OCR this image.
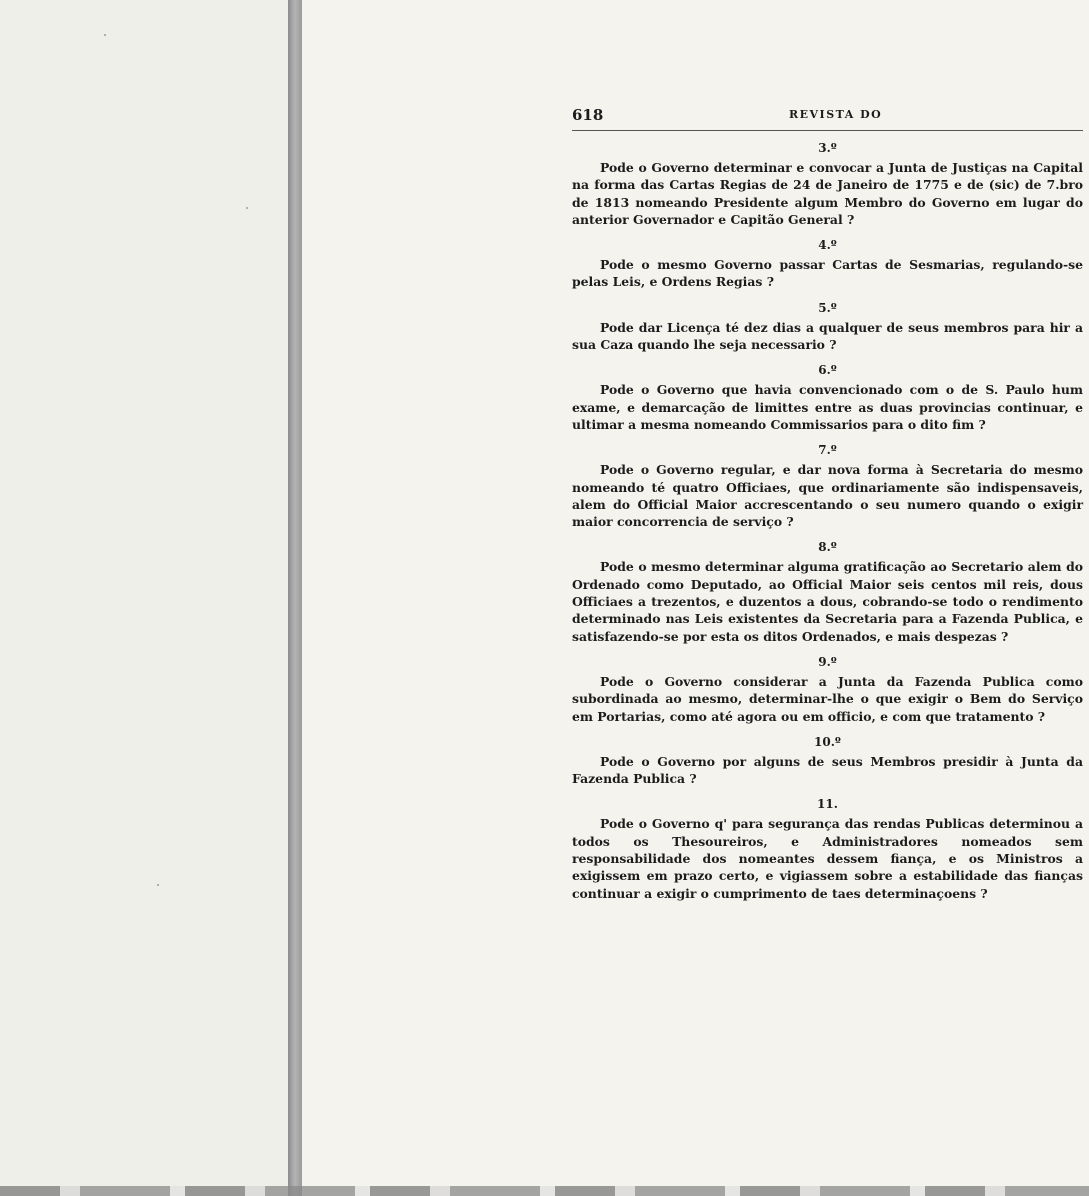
618	REVISTA DO
3.º

Pode o Governo determinar e convocar a Junta de Justiças na Capital na forma das Cartas Regias de 24 de Janeiro de 1775 e de (sic) de 7.bro de 1813 nomeando Presidente algum Membro do Governo em lugar do anterior Governador e Capitão General ?

4.º

Pode o mesmo Governo passar Cartas de Sesmarias, regulando-se pelas Leis, e Ordens Regias ?

5.º

Pode dar Licença té dez dias a qualquer de seus membros para hir a sua Caza quando lhe seja necessario ?

6.º

Pode o Governo que havia convencionado com o de S. Paulo hum exame, e demarcação de limittes entre as duas provincias continuar, e ultimar a mesma nomeando Commissarios para o dito fim ?

7.º

Pode o Governo regular, e dar nova forma à Secretaria do mesmo nomeando té quatro Officiaes, que ordinariamente são indispensaveis, alem do Official Maior accrescentando o seu numero quando o exigir maior concorrencia de serviço ?

8.º

Pode o mesmo determinar alguma gratificação ao Secretario alem do Ordenado como Deputado, ao Official Maior seis centos mil reis, dous Officiaes a trezentos, e duzentos a dous, cobrando-se todo o rendimento determinado nas Leis existentes da Secretaria para a Fazenda Publica, e satisfazendo-se por esta os ditos Ordenados, e mais despezas ?

9.º

Pode o Governo considerar a Junta da Fazenda Publica como subordinada ao mesmo, determinar-lhe o que exigir o Bem do Serviço em Portarias, como até agora ou em officio, e com que tratamento ?

10.º

Pode o Governo por alguns de seus Membros presidir à Junta da Fazenda Publica ?

11.

Pode o Governo q' para segurança das rendas Publicas determinou a todos os Thesoureiros, e Administradores nomeados sem responsabilidade dos nomeantes dessem fiança, e os Ministros a exigissem em prazo certo, e vigiassem sobre a estabilidade das fianças continuar a exigir o cumprimento de taes determinaçoens ?
